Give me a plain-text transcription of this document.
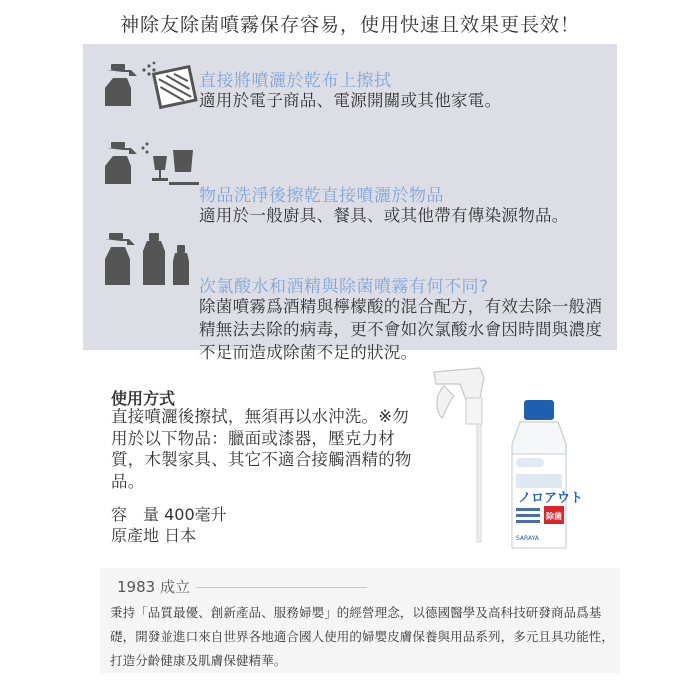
神除友除菌噴霧保存容易，使用快速且效果更長效！
直接將噴灑於乾布上擦拭
適用於電子商品、電源開關或其他家電。
物品洗淨後擦乾直接噴灑於物品
適用於一般廚具、餐具、或其他帶有傳染源物品。
次氯酸水和酒精與除菌噴霧有何不同?
除菌噴霧爲酒精與檸檬酸的混合配方，有效去除一般酒精無法去除的病毒，更不會如次氯酸水會因時間與濃度不足而造成除菌不足的狀況。
使用方式
直接噴灑後擦拭，無須再以水沖洗。※勿用於以下物品：臘面或漆器，壓克力材質，木製家具、其它不適合接觸酒精的物品。
容　量 400毫升
原產地 日本
ノロアウト
除菌
SARAYA
1983 成立
秉持「品質最優、創新產品、服務婦嬰」的經營理念，以德國醫學及高科技研發商品爲基礎，開發並進口來自世界各地適合國人使用的婦嬰皮膚保養與用品系列，多元且具功能性，打造分齡健康及肌膚保健精華。
